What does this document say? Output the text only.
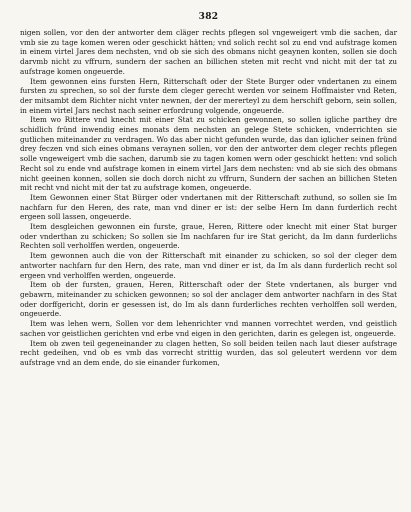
382

nigen sollen, vor den der antworter dem cläger rechts pflegen sol vngeweigert vmb die sachen, dar vmb sie zu tage komen weren oder geschickt hätten; vnd solich recht sol zu end vnd aufstrage komen in einem virtel Jares dem nechsten, vnd ob sie sich des obmans nicht geaynen konten, sollen sie doch darvmb nicht zu vffrurn, sundern der sachen an billichen steten mit recht vnd nicht mit der tat zu aufstrage komen ongeuerde.

Item gewonnen eins fursten Hern, Ritterschaft oder der Stete Burger oder vndertanen zu einem fursten zu sprechen, so sol der furste dem cleger gerecht werden vor seinem Hoffmaister vnd Reten, der mitsambt dem Richter nicht vnter newnen, der der mererteyl zu dem herschift geborn, sein sollen, in einem virtel Jars nechst nach seiner erfordrung volgende, ongeuerde.

Item wo Rittere vnd knecht mit einer Stat zu schicken gewonnen, so sollen igliche parthey dre schidlich fründ inwendig eines monats dem nechsten an gelege Stete schicken, vnderrichten sie gutlichen miteinander zu verdragen. Wo das aber nicht gefunden wurde, das dan iglicher seinen fründ drey feczen vnd sich eines obmans veraynen sollen, vor den der antworter dem cleger rechts pflegen solle vngeweigert vmb die sachen, darumb sie zu tagen komen wern oder geschickt hetten: vnd solich Recht sol zu ende vnd aufstrage komen in einem virtel Jars dem nechsten: vnd ab sie sich des obmans nicht geeinen konnen, sollen sie doch dorch nicht zu vffrurn, Sundern der sachen an billichen Steten mit recht vnd nicht mit der tat zu aufstrage komen, ongeuerde.

Item Gewonnen einer Stat Bürger oder vndertanen mit der Ritterschaft zuthund, so sollen sie Im nachfarn fur den Heren, des rate, man vnd diner er ist: der selbe Hern Im dann furderlich recht ergeen soll lassen, ongeuerde.

Item desgleichen gewonnen ein furste, graue, Heren, Rittere oder knecht mit einer Stat burger oder vnderthan zu schicken; So sollen sie Im nachfaren fur ire Stat gericht, da Im dann furderlichs Rechten soll verholffen werden, ongeuerde.

Item gewonnen auch die von der Ritterschaft mit einander zu schicken, so sol der cleger dem antworter nachfarn fur den Hern, des rate, man vnd diner er ist, da Im als dann furderlich recht sol ergeen vnd verholffen werden, ongeuerde.

Item ob der fursten, grauen, Heren, Ritterschaft oder der Stete vndertanen, als burger vnd gebawrn, miteinander zu schicken gewonnen; so sol der anclager dem antworter nachfarn in des Stat oder dorffgericht, dorin er gesessen ist, do Im als dann furderliches rechten verholffen soll werden, ongeuerde.

Item was lehen wern, Sollen vor dem lehenrichter vnd mannen vorrechtet werden, vnd geistlich sachen vor geistlichen gerichten vnd erbe vnd eigen in den gerichten, darin es gelegen ist, ongeuerde.

Item ob zwen teil gegeneinander zu clagen hetten, So soll beiden teilen nach laut dieser aufstrage recht gedeihen, vnd ob es vmb das vorrecht strittig wurden, das sol geleutert werdenn vor dem aufstrage vnd an dem ende, do sie einander furkomen,
